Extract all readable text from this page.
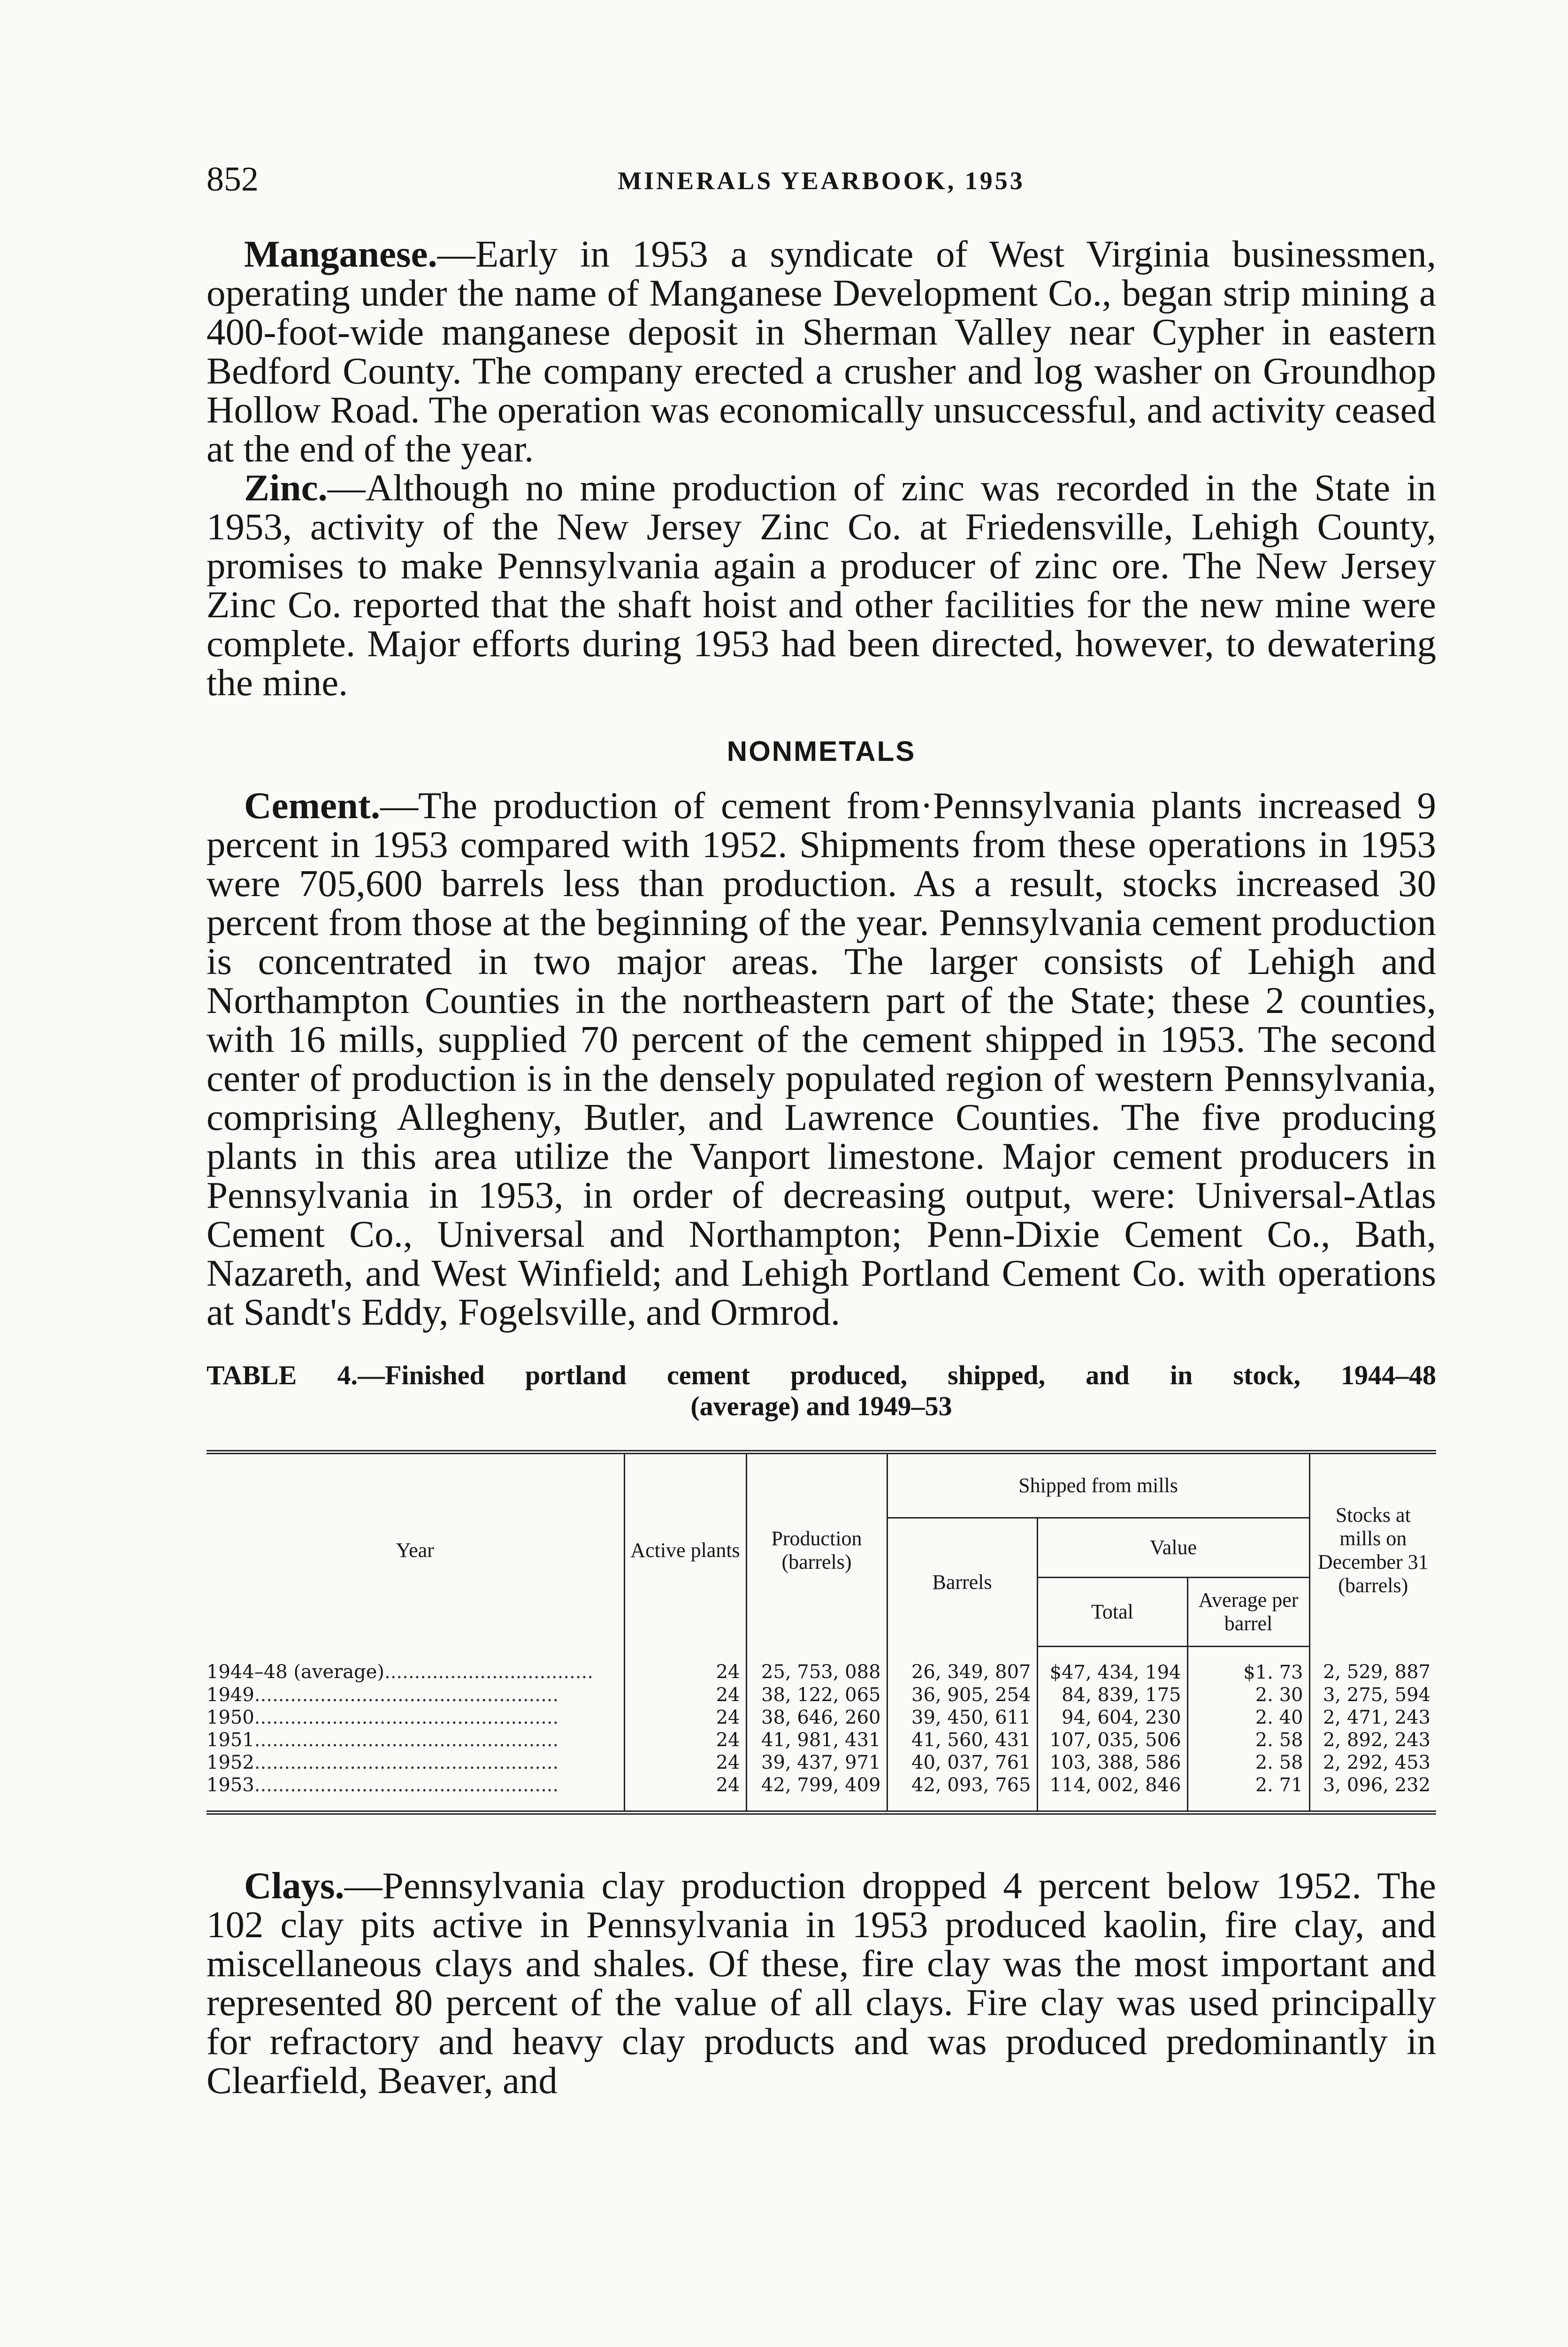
852	MINERALS YEARBOOK, 1953

Manganese.—Early in 1953 a syndicate of West Virginia businessmen, operating under the name of Manganese Development Co., began strip mining a 400-foot-wide manganese deposit in Sherman Valley near Cypher in eastern Bedford County. The company erected a crusher and log washer on Groundhop Hollow Road. The operation was economically unsuccessful, and activity ceased at the end of the year.

Zinc.—Although no mine production of zinc was recorded in the State in 1953, activity of the New Jersey Zinc Co. at Friedensville, Lehigh County, promises to make Pennsylvania again a producer of zinc ore. The New Jersey Zinc Co. reported that the shaft hoist and other facilities for the new mine were complete. Major efforts during 1953 had been directed, however, to dewatering the mine.

NONMETALS

Cement.—The production of cement from·Pennsylvania plants increased 9 percent in 1953 compared with 1952. Shipments from these operations in 1953 were 705,600 barrels less than production. As a result, stocks increased 30 percent from those at the beginning of the year. Pennsylvania cement production is concentrated in two major areas. The larger consists of Lehigh and Northampton Counties in the northeastern part of the State; these 2 counties, with 16 mills, supplied 70 percent of the cement shipped in 1953. The second center of production is in the densely populated region of western Pennsylvania, comprising Allegheny, Butler, and Lawrence Counties. The five producing plants in this area utilize the Vanport limestone. Major cement producers in Pennsylvania in 1953, in order of decreasing output, were: Universal-Atlas Cement Co., Universal and Northampton; Penn-Dixie Cement Co., Bath, Nazareth, and West Winfield; and Lehigh Portland Cement Co. with operations at Sandt's Eddy, Fogelsville, and Ormrod.

TABLE 4.—Finished portland cement produced, shipped, and in stock, 1944–48
(average) and 1949–53
Year	Active plants	Production (barrels)	Shipped from mills			Stocks at mills on December 31 (barrels)
			Barrels	Value		
				Total	Average per barrel	
1944–48 (average)...................................	24	25, 753, 088	26, 349, 807	$47, 434, 194	$1. 73	2, 529, 887
1949...................................................	24	38, 122, 065	36, 905, 254	84, 839, 175	2. 30	3, 275, 594
1950...................................................	24	38, 646, 260	39, 450, 611	94, 604, 230	2. 40	2, 471, 243
1951...................................................	24	41, 981, 431	41, 560, 431	107, 035, 506	2. 58	2, 892, 243
1952...................................................	24	39, 437, 971	40, 037, 761	103, 388, 586	2. 58	2, 292, 453
1953...................................................	24	42, 799, 409	42, 093, 765	114, 002, 846	2. 71	3, 096, 232

Clays.—Pennsylvania clay production dropped 4 percent below 1952. The 102 clay pits active in Pennsylvania in 1953 produced kaolin, fire clay, and miscellaneous clays and shales. Of these, fire clay was the most important and represented 80 percent of the value of all clays. Fire clay was used principally for refractory and heavy clay products and was produced predominantly in Clearfield, Beaver, and
